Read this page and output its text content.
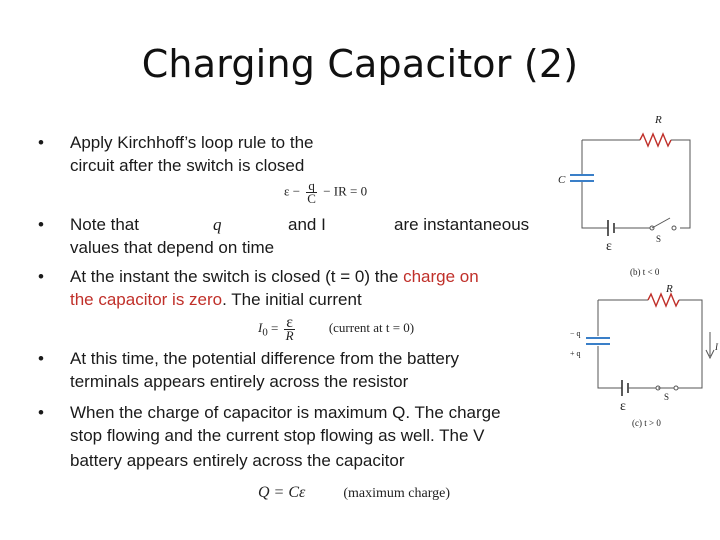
Charging Capacitor (2)
• Apply Kirchhoff’s loop rule to the
circuit after the switch is closed
$\varepsilon - \frac{q}{C}$ − IR = 0
• Note that	q	and I	are instantaneous
values that depend on time
• At the instant the switch is closed (t = 0) the charge on
the capacitor is zero. The initial current
$I_0 = \frac{\varepsilon}{R}$	(current at t = 0)
• At this time, the potential difference from the battery
terminals appears entirely across the resistor
• When the charge of capacitor is maximum Q. The charge
stop flowing and the current stop flowing as well. The V
battery appears entirely across the capacitor
Q = Cε	(maximum charge)
R
C
ε	S
(b) t < 0
R
− q
+ q
ε
S
I
(c) t > 0
